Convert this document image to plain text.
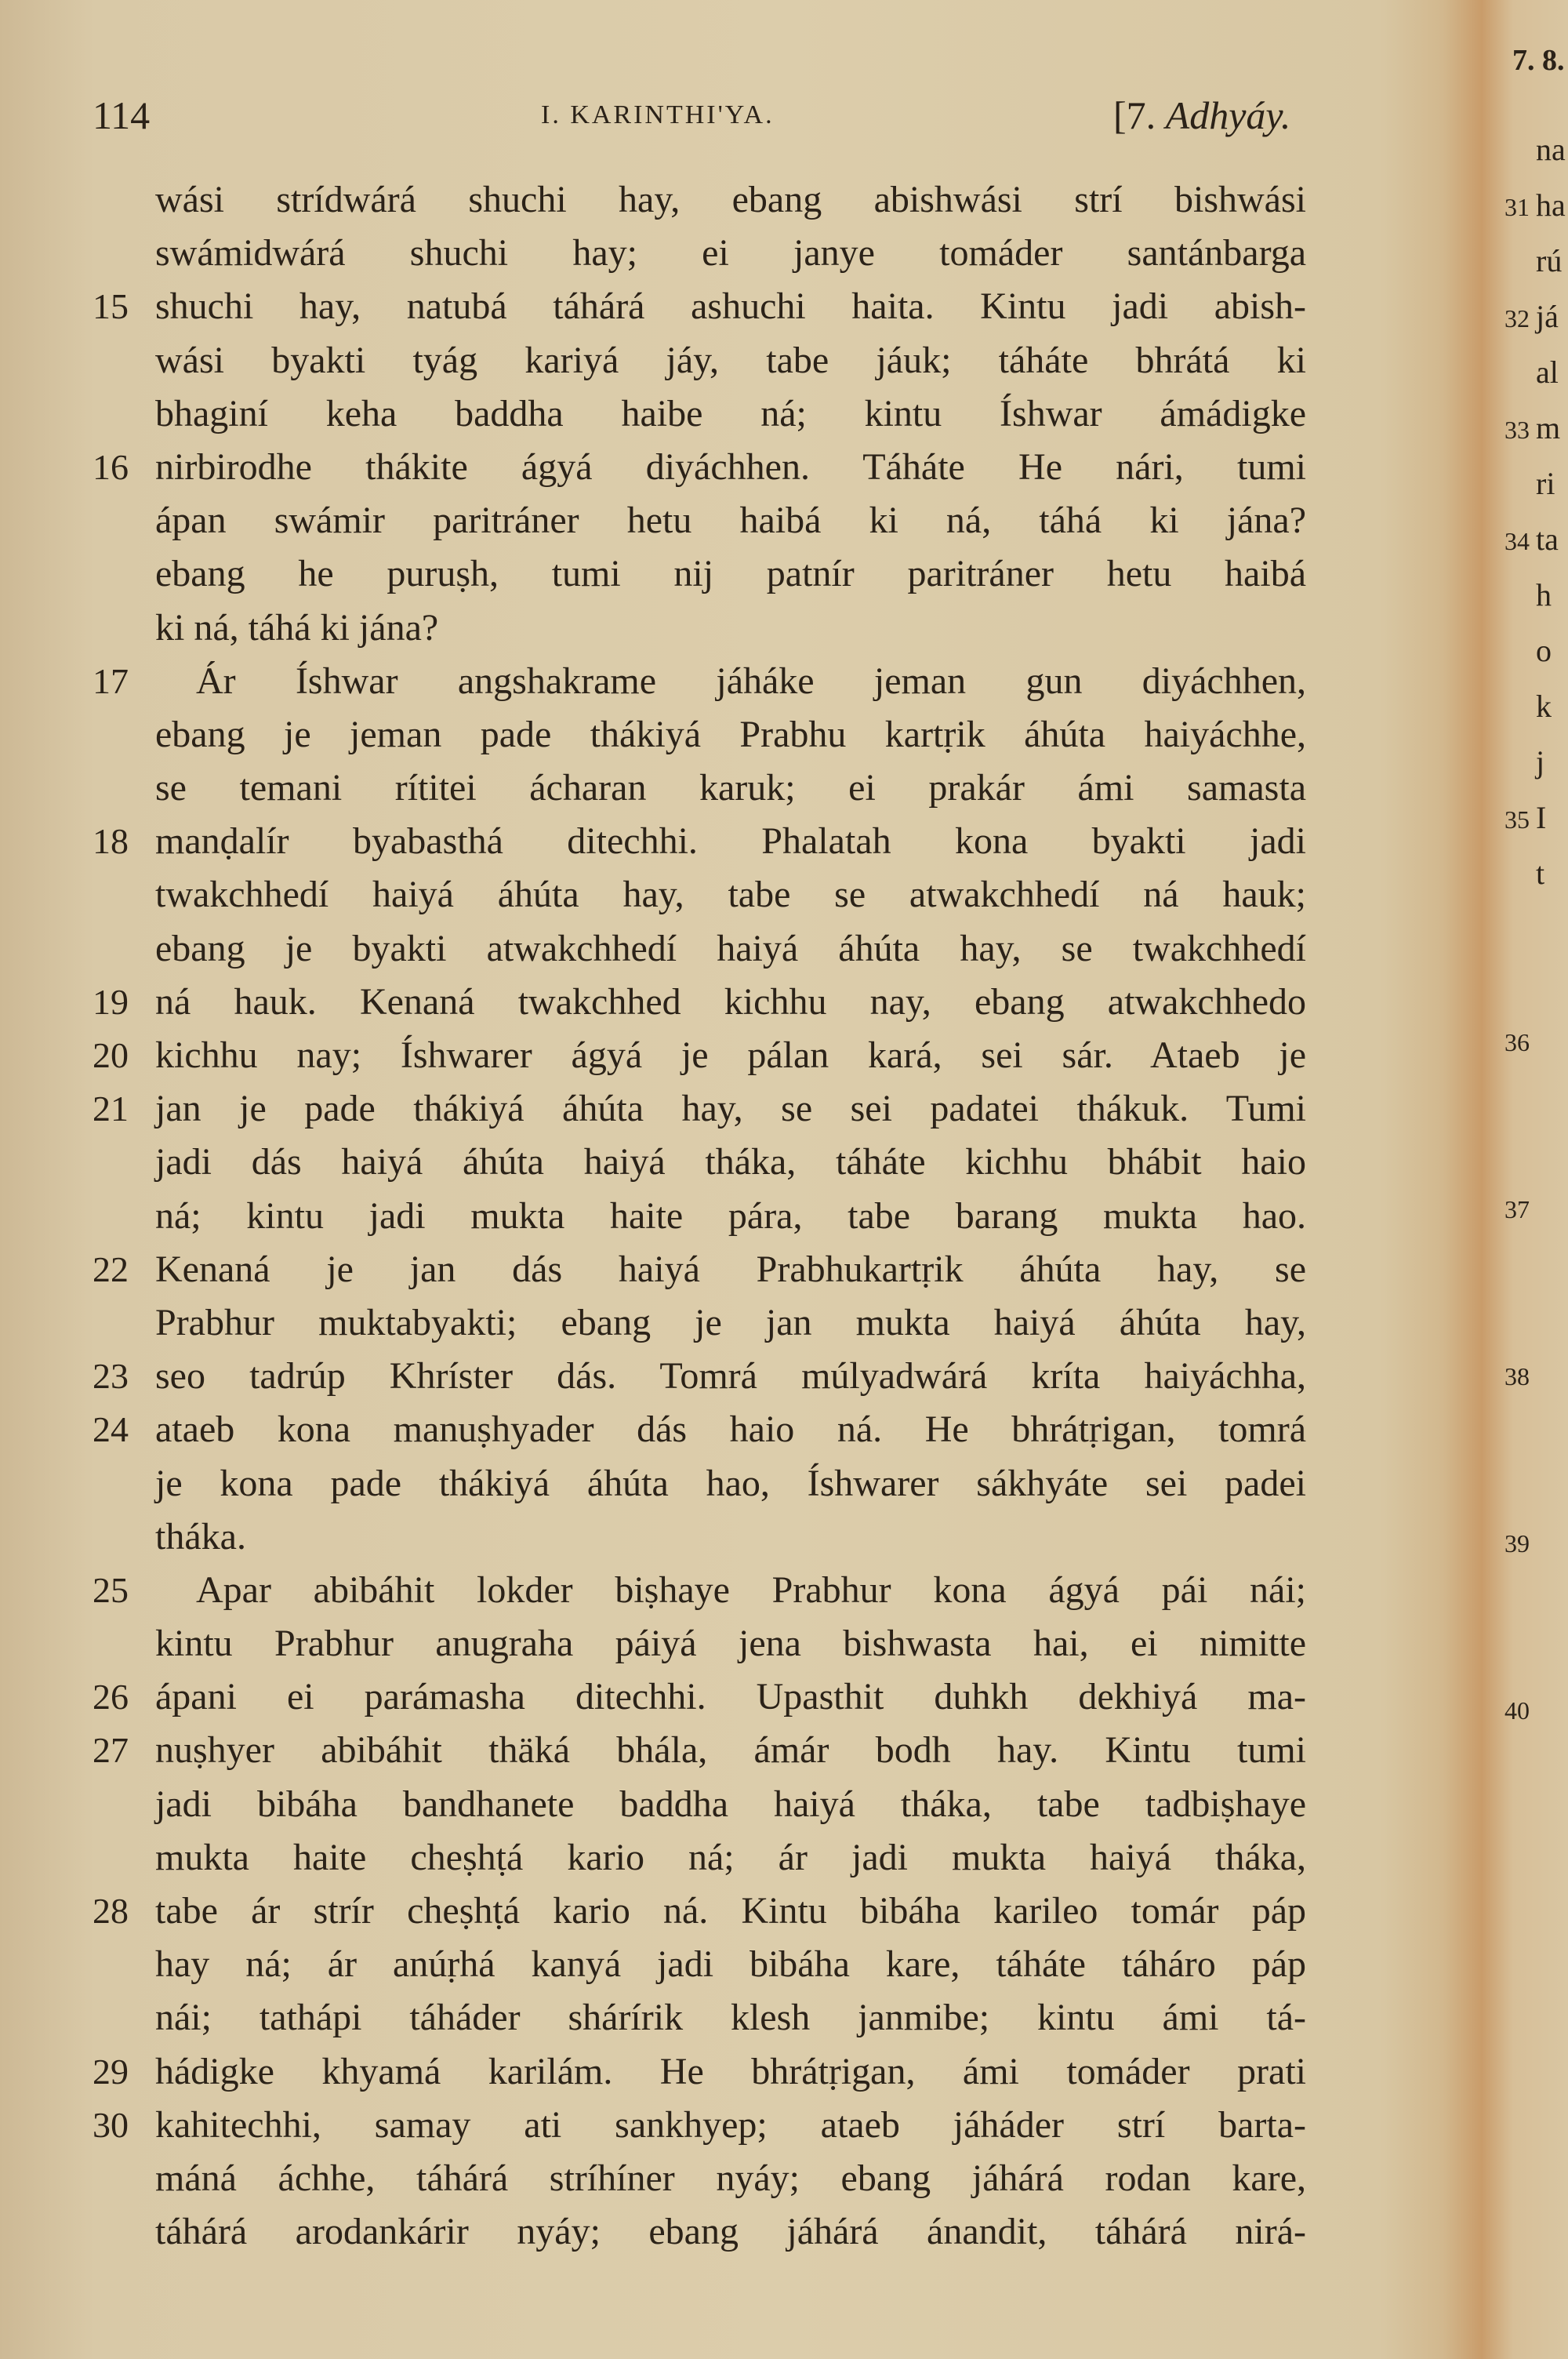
114	I. KARINTHI'YA.	[7. Adhyáy.
wási strídwárá shuchi hay, ebang abishwási strí bishwási
swámidwárá shuchi hay; ei janye tomáder santánbarga
15 shuchi hay, natubá táhárá ashuchi haita. Kintu jadi abish-
wási byakti tyág kariyá jáy, tabe jáuk; táháte bhrátá ki
bhaginí keha baddha haibe ná; kintu Íshwar ámádigke
16 nirbirodhe thákite ágyá diyáchhen. Táháte He nári, tumi
ápan swámir paritráner hetu haibá ki ná, táhá ki jána?
ebang he puruṣh, tumi nij patnír paritráner hetu haibá
ki ná, táhá ki jána?
17 Ár Íshwar angshakrame jáháke jeman gun diyáchhen,
ebang je jeman pade thákiyá Prabhu kartṛik áhúta haiyáchhe,
se temani rítitei ácharan karuk; ei prakár ámi samasta
18 manḍalír byabasthá ditechhi. Phalatah kona byakti jadi
twakchhedí haiyá áhúta hay, tabe se atwakchhedí ná hauk;
ebang je byakti atwakchhedí haiyá áhúta hay, se twakchhedí
19 ná hauk. Kenaná twakchhed kichhu nay, ebang atwakchhedo
20 kichhu nay; Íshwarer ágyá je pálan kará, sei sár. Ataeb je
21 jan je pade thákiyá áhúta hay, se sei padatei thákuk. Tumi
jadi dás haiyá áhúta haiyá tháka, táháte kichhu bhábit haio
ná; kintu jadi mukta haite pára, tabe barang mukta hao.
22 Kenaná je jan dás haiyá Prabhukartṛik áhúta hay, se
Prabhur muktabyakti; ebang je jan mukta haiyá áhúta hay,
23 seo tadrúp Khríster dás. Tomrá múlyadwárá kríta haiyáchha,
24 ataeb kona manuṣhyader dás haio ná. He bhrátṛigan, tomrá
je kona pade thákiyá áhúta hao, Íshwarer sákhyáte sei padei
tháka.
25 Apar abibáhit lokder biṣhaye Prabhur kona ágyá pái nái;
kintu Prabhur anugraha páiyá jena bishwasta hai, ei nimitte
26 ápani ei parámasha ditechhi. Upasthit duhkh dekhiyá ma-
27 nuṣhyer abibáhit thäká bhála, ámár bodh hay. Kintu tumi
jadi bibáha bandhanete baddha haiyá tháka, tabe tadbiṣhaye
mukta haite cheṣhṭá kario ná; ár jadi mukta haiyá tháka,
28 tabe ár strír cheṣhṭá kario ná. Kintu bibáha karileo tomár páp
hay ná; ár anúṛhá kanyá jadi bibáha kare, táháte táháro páp
nái; tathápi táháder shárírik klesh janmibe; kintu ámi tá-
29 hádigke khyamá karilám. He bhrátṛigan, ámi tomáder prati
30 kahitechhi, samay ati sankhyep; ataeb jáháder strí barta-
máná áchhe, táhárá stríhíner nyáy; ebang jáhárá rodan kare,
táhárá arodankárir nyáy; ebang jáhárá ánandit, táhárá nirá-
7. 8.
na
31 ha
rú
32 já
al
33 m
ri
34 ta
h
o
k
j
35 I
t
36
37
38
39
40
